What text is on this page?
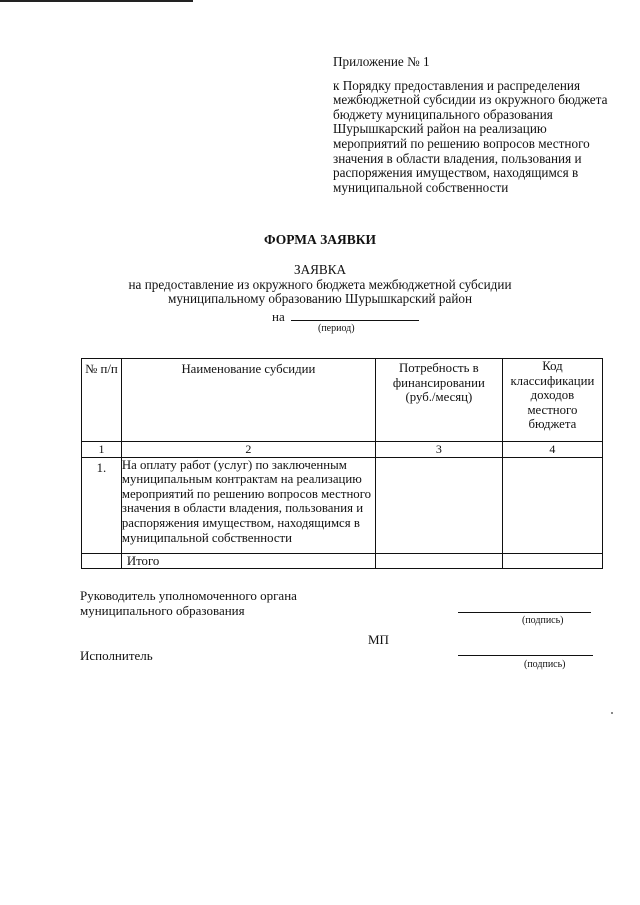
Приложение № 1
к Порядку предоставления и распределения
межбюджетной субсидии из окружного бюджета
бюджету муниципального образования
Шурышкарский район на реализацию
мероприятий по решению вопросов местного
значения в области владения, пользования и
распоряжения имуществом, находящимся в
муниципальной собственности
ФОРМА ЗАЯВКИ
ЗАЯВКА
на предоставление из окружного бюджета межбюджетной субсидии
муниципальному образованию Шурышкарский район
на
(период)
№ п/п	Наименование субсидии	Потребность в финансировании (руб./месяц)	Код классификации доходов местного бюджета
1	2	3	4
1.	На оплату работ (услуг) по заключенным муниципальным контрактам на реализацию мероприятий по решению вопросов местного значения в области владения, пользования и распоряжения имуществом, находящимся в муниципальной собственности		
	Итого		
Руководитель уполномоченного органа
муниципального образования
(подпись)
МП
Исполнитель
(подпись)
